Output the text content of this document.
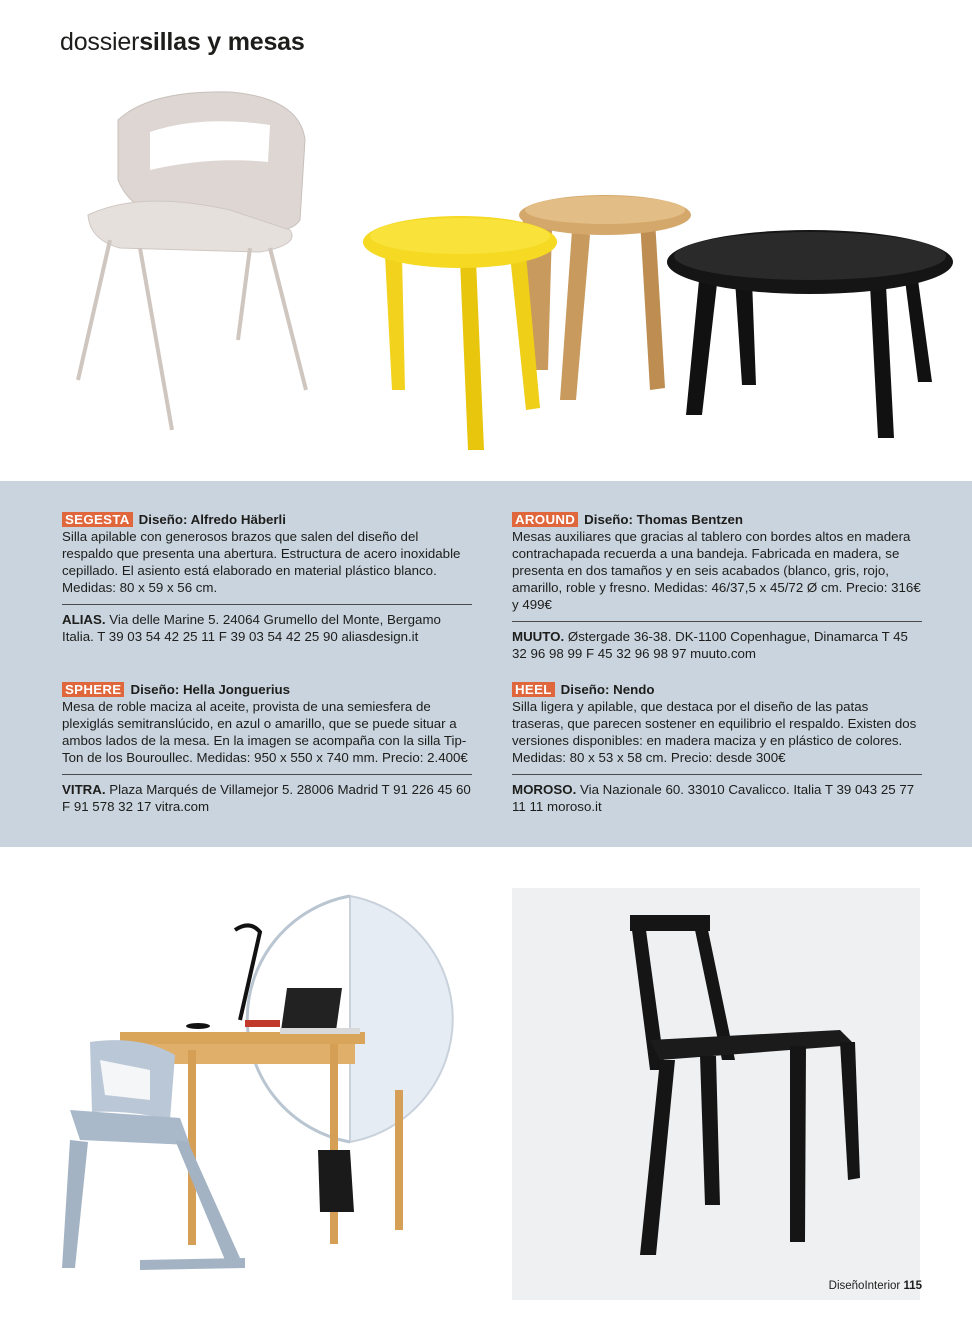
dossiersillas y mesas
SEGESTA Diseño: Alfredo Häberli
Silla apilable con generosos brazos que salen del diseño del respaldo que presenta una abertura. Estructura de acero inoxidable cepillado. El asiento está elaborado en material plástico blanco. Medidas: 80 x 59 x 56 cm.
ALIAS. Via delle Marine 5. 24064 Grumello del Monte, Bergamo Italia. T 39 03 54 42 25 11 F 39 03 54 42 25 90 aliasdesign.it
AROUND Diseño: Thomas Bentzen
Mesas auxiliares que gracias al tablero con bordes altos en madera contrachapada recuerda a una bandeja. Fabricada en madera, se presenta en dos tamaños y en seis acabados (blanco, gris, rojo, amarillo, roble y fresno. Medidas: 46/37,5 x 45/72 Ø cm. Precio: 316€ y 499€
MUUTO. Østergade 36-38. DK-1100 Copenhague, Dinamarca T 45 32 96 98 99 F 45 32 96 98 97 muuto.com
SPHERE Diseño: Hella Jonguerius
Mesa de roble maciza al aceite, provista de una semiesfera de plexiglás semitranslúcido, en azul o amarillo, que se puede situar a ambos lados de la mesa. En la imagen se acompaña con la silla Tip-Ton de los Bouroullec. Medidas: 950 x 550 x 740 mm. Precio: 2.400€
VITRA. Plaza Marqués de Villamejor 5. 28006 Madrid T 91 226 45 60 F 91 578 32 17 vitra.com
HEEL Diseño: Nendo
Silla ligera y apilable, que destaca por el diseño de las patas traseras, que parecen sostener en equilibrio el respaldo. Existen dos versiones disponibles: en madera maciza y en plástico de colores. Medidas: 80 x 53 x 58 cm. Precio: desde 300€
MOROSO. Via Nazionale 60. 33010 Cavalicco. Italia T 39 043 25 77 11 11 moroso.it
DiseñoInterior 115
